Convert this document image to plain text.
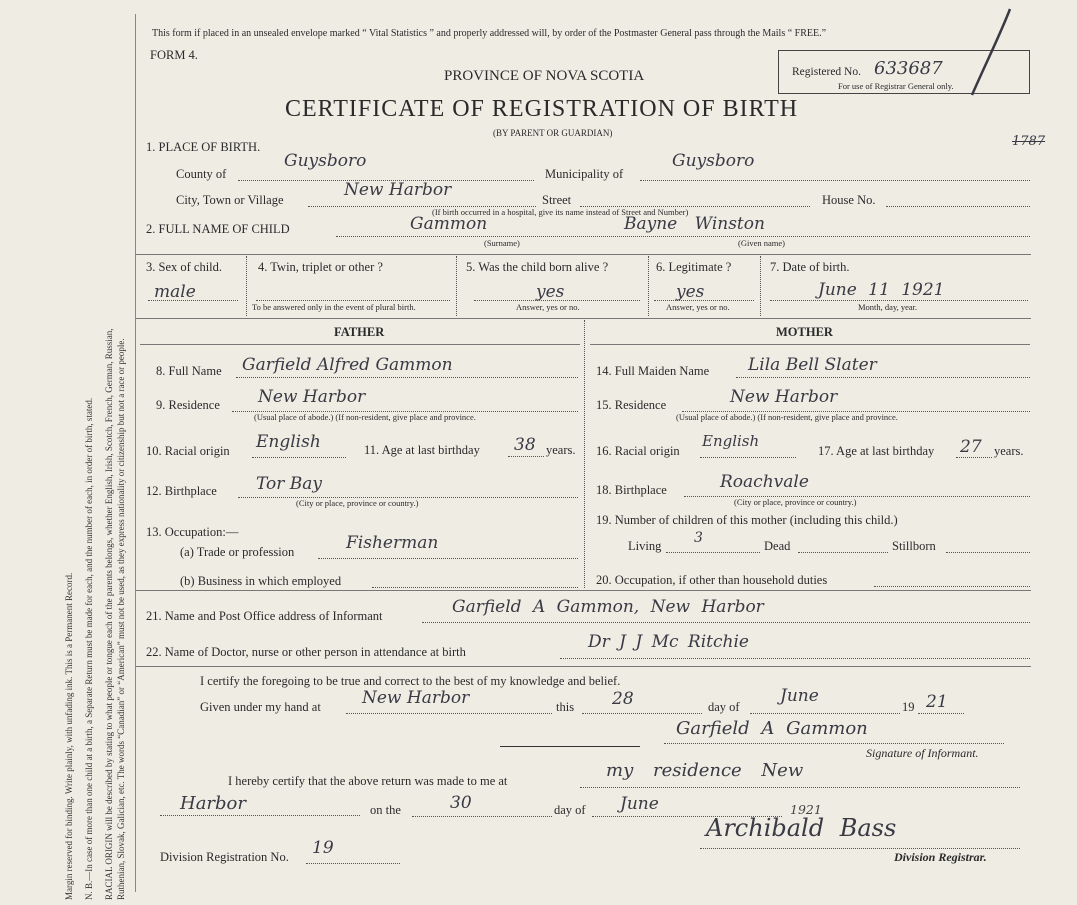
Margin reserved for binding. Write plainly, with unfading ink. This is a Permanent Record. N. B.—In case of more than one child at a birth, a Separate Return must be made for each, and the number of each, in order of birth, stated. RACIAL ORIGIN will be described by stating to what people or tongue each of the parents belongs, whether English, Irish, Scotch, French, German, Russian, Ruthenian, Slovak, Galician, etc. The words “Canadian” or “American” must not be used, as they express nationality or citizenship but not a race or people.
This form if placed in an unsealed envelope marked “ Vital Statistics ” and properly addressed will, by order of the Postmaster General pass through the Mails “ FREE.”
FORM 4.
PROVINCE OF NOVA SCOTIA
CERTIFICATE OF REGISTRATION OF BIRTH
(BY PARENT OR GUARDIAN)
Registered No. 633687
For use of Registrar General only.
1787
1. PLACE OF BIRTH.
County of
Guysboro
Municipality of
Guysboro
City, Town or Village	New Harbor	Street	House No.
(If birth occurred in a hospital, give its name instead of Street and Number)
2. FULL NAME OF CHILD	Gammon
(Surname)
Bayne Winston
(Given name)
3. Sex of child.
male
4. Twin, triplet or other ?
To be answered only in the event of plural birth.
5. Was the child born alive ?
yes
Answer, yes or no.
6. Legitimate ?
yes
Answer, yes or no.
7. Date of birth.
June 11 1921
Month, day, year.
FATHER
8. Full Name Garfield Alfred Gammon
9. Residence New Harbor
(Usual place of abode.) (If non-resident, give place and province.
10. Racial origin English	11. Age at last birthday 38 years.
12. Birthplace Tor Bay
(City or place, province or country.)
13. Occupation:—
(a) Trade or profession	Fisherman
(b) Business in which employed
MOTHER
14. Full Maiden Name Lila Bell Slater
15. Residence	New Harbor
(Usual place of abode.) (If non-resident, give place and province.
16. Racial origin
English
17. Age at last birthday 27 years.
18. Birthplace	Roachvale
(City or place, province or country.)
19. Number of children of this mother (including this child.)
Living 3	Dead	Stillborn
20. Occupation, if other than household duties
21. Name and Post Office address of Informant	Garfield A Gammon, New Harbor
22. Name of Doctor, nurse or other person in attendance at birth	Dr J J Mc Ritchie
I certify the foregoing to be true and correct to the best of my knowledge and belief.
Given under my hand at New Harbor	this 28	day of
June
19 21
Garfield A Gammon
Signature of Informant.
I hereby certify that the above return was made to me at	my residence New
Harbor	on the	30	day of June	1921
Archibald Bass
Division Registrar.
Division Registration No. 19
